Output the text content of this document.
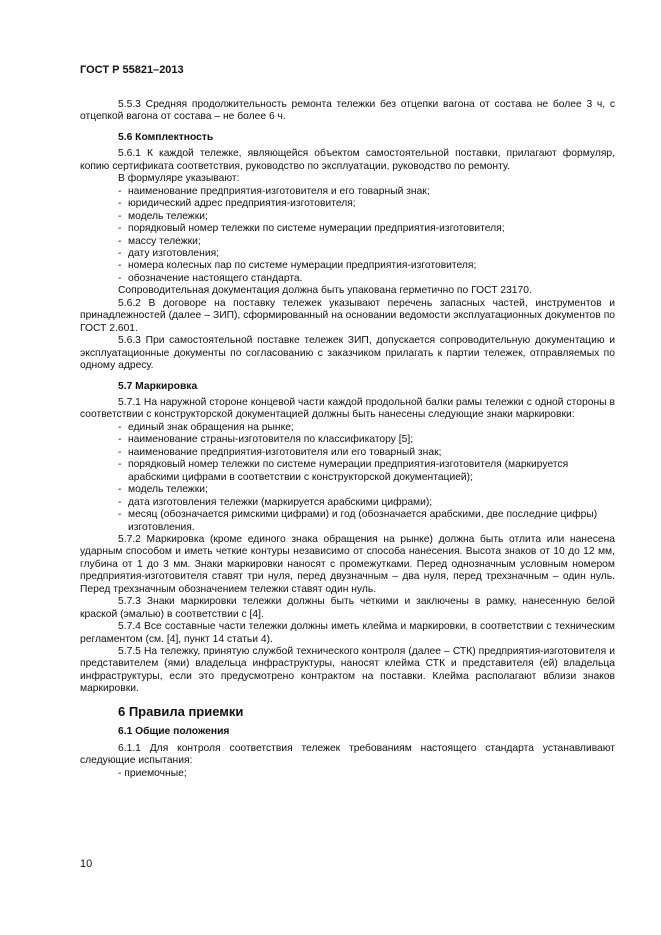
ГОСТ Р 55821–2013

5.5.3 Средняя продолжительность ремонта тележки без отцепки вагона от состава не более 3 ч, с отцепкой вагона от состава – не более 6 ч.

5.6 Комплектность

5.6.1 К каждой тележке, являющейся объектом самостоятельной поставки, прилагают формуляр, копию сертификата соответствия, руководство по эксплуатации, руководство по ремонту.

В формуляре указывают:

- наименование предприятия-изготовителя и его товарный знак;

- юридический адрес предприятия-изготовителя;

- модель тележки;

- порядковый номер тележки по системе нумерации предприятия-изготовителя;

- массу тележки;

- дату изготовления;

- номера колесных пар по системе нумерации предприятия-изготовителя;

- обозначение настоящего стандарта.

Сопроводительная документация должна быть упакована герметично по ГОСТ 23170.

5.6.2 В договоре на поставку тележек указывают перечень запасных частей, инструментов и принадлежностей (далее – ЗИП), сформированный на основании ведомости эксплуатационных документов по ГОСТ 2.601.

5.6.3 При самостоятельной поставке тележек ЗИП, допускается сопроводительную документацию и эксплуатационные документы по согласованию с заказчиком прилагать к партии тележек, отправляемых по одному адресу.

5.7 Маркировка

5.7.1 На наружной стороне концевой части каждой продольной балки рамы тележки с одной стороны в соответствии с конструкторской документацией должны быть нанесены следующие знаки маркировки:

- единый знак обращения на рынке;

- наименование страны-изготовителя по классификатору [5];

- наименование предприятия-изготовителя или его товарный знак;

- порядковый номер тележки по системе нумерации предприятия-изготовителя (маркируется арабскими цифрами в соответствии с конструкторской документацией);

- модель тележки;

- дата изготовления тележки (маркируется арабскими цифрами);

- месяц (обозначается римскими цифрами) и год (обозначается арабскими, две последние цифры) изготовления.

5.7.2 Маркировка (кроме единого знака обращения на рынке) должна быть отлита или нанесена ударным способом и иметь четкие контуры независимо от способа нанесения. Высота знаков от 10 до 12 мм, глубина от 1 до 3 мм. Знаки маркировки наносят с промежутками. Перед однозначным условным номером предприятия-изготовителя ставят три нуля, перед двузначным – два нуля, перед трехзначным – один нуль. Перед трехзначным обозначением тележки ставят один нуль.

5.7.3 Знаки маркировки тележки должны быть четкими и заключены в рамку, нанесенную белой краской (эмалью) в соответствии с [4].

5.7.4 Все составные части тележки должны иметь клейма и маркировки, в соответствии с техническим регламентом (см. [4], пункт 14 статьи 4).

5.7.5 На тележку, принятую службой технического контроля (далее – СТК) предприятия-изготовителя и представителем (ями) владельца инфраструктуры, наносят клейма СТК и представителя (ей) владельца инфраструктуры, если это предусмотрено контрактом на поставки. Клейма располагают вблизи знаков маркировки.

6 Правила приемки

6.1 Общие положения

6.1.1 Для контроля соответствия тележек требованиям настоящего стандарта устанавливают следующие испытания:

- приемочные;

10
